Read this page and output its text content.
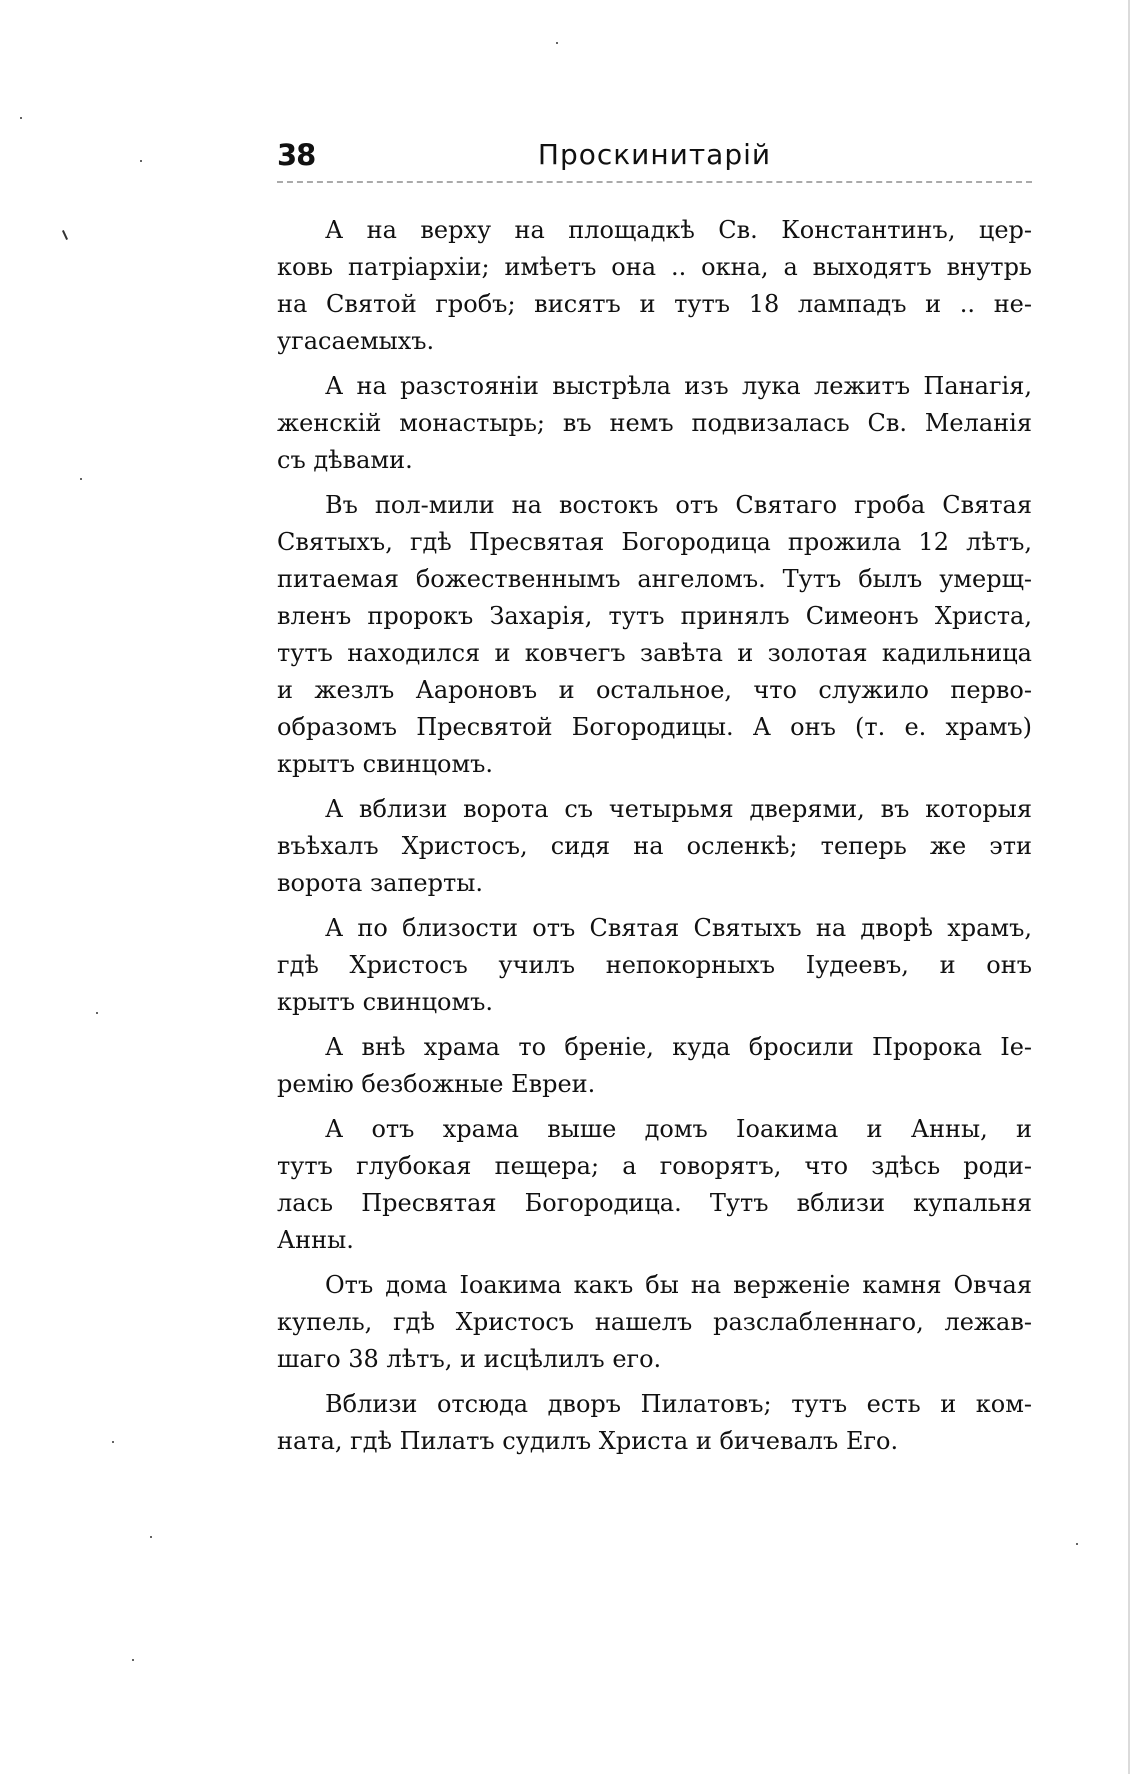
38	Проскинитарій
А на верху на площадкѣ Св. Константинъ, цер-
ковь патріархіи; имѣетъ она .. окна, а выходятъ внутрь
на Святой гробъ; висятъ и тутъ 18 лампадъ и .. не-
угасаемыхъ.
А на разстояніи выстрѣла изъ лука лежитъ Панагія,
женскій монастырь; въ немъ подвизалась Св. Меланія
съ дѣвами.
Въ пол-мили на востокъ отъ Святаго гроба Святая
Святыхъ, гдѣ Пресвятая Богородица прожила 12 лѣтъ,
питаемая божественнымъ ангеломъ. Тутъ былъ умерщ-
вленъ пророкъ Захарія, тутъ принялъ Симеонъ Христа,
тутъ находился и ковчегъ завѣта и золотая кадильница
и жезлъ Аароновъ и остальное, что служило перво-
образомъ Пресвятой Богородицы. А онъ (т. е. храмъ)
крытъ свинцомъ.
А вблизи ворота съ четырьмя дверями, въ которыя
въѣхалъ Христосъ, сидя на осленкѣ; теперь же эти
ворота заперты.
А по близости отъ Святая Святыхъ на дворѣ храмъ,
гдѣ Христосъ училъ непокорныхъ Іудеевъ, и онъ
крытъ свинцомъ.
А внѣ храма то бреніе, куда бросили Пророка Іе-
ремію безбожные Евреи.
А отъ храма выше домъ Іоакима и Анны, и
тутъ глубокая пещера; а говорятъ, что здѣсь роди-
лась Пресвятая Богородица. Тутъ вблизи купальня
Анны.
Отъ дома Іоакима какъ бы на верженіе камня Овчая
купель, гдѣ Христосъ нашелъ разслабленнаго, лежав-
шаго 38 лѣтъ, и исцѣлилъ его.
Вблизи отсюда дворъ Пилатовъ; тутъ есть и ком-
ната, гдѣ Пилатъ судилъ Христа и бичевалъ Его.
